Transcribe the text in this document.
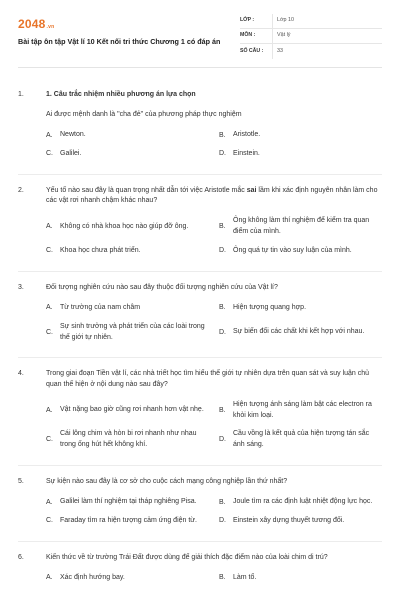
2048.vn
Bài tập ôn tập Vật lí 10 Kết nối tri thức Chương 1 có đáp án
LỚP :	Lớp 10
MÔN :	Vật lý
SỐ CÂU :	33
1.	1. Câu trắc nhiệm nhiều phương án lựa chọn
Ai được mệnh danh là "cha đẻ" của phương pháp thực nghiệm
A.	Newton.	B.	Aristotle.
C.	Galilei.	D.	Einstein.
2.	Yếu tố nào sau đây là quan trọng nhất dẫn tới việc Aristotle mắc sai lầm khi xác định nguyên nhân làm cho các vật rơi nhanh chậm khác nhau?
A.	Không có nhà khoa học nào giúp đỡ ông.	B.
Ông không làm thí nghiệm để kiểm tra quan điểm của mình.
C.	Khoa học chưa phát triển.	D.	Ông quá tự tin vào suy luận của mình.
3.	Đối tượng nghiên cứu nào sau đây thuộc đối tượng nghiên cứu của Vật lí?
A.	Từ trường của nam châm	B.	Hiện tượng quang hợp.
C.
Sự sinh trưởng và phát triển của các loài trong thế giới tự nhiên.
D.	Sự biến đổi các chất khi kết hợp với nhau.
4.	Trong giai đoạn Tiền vật lí, các nhà triết học tìm hiểu thế giới tự nhiên dựa trên quan sát và suy luận chủ quan thế hiện ở nội dung nào sau đây?
A.	Vật nặng bao giờ cũng rơi nhanh hơn vật nhẹ. B.
Hiện tượng ánh sáng làm bật các electron ra khỏi kim loại.
C.
Cái lông chim và hòn bi rơi nhanh như nhau trong ống hút hết không khí.
D.
Cầu vồng là kết quả của hiện tượng tán sắc ánh sáng.
5.	Sự kiện nào sau đây là cơ sở cho cuộc cách mạng công nghiệp lần thứ nhất?
A.	Galilei làm thí nghiệm tại tháp nghiêng Pisa.	B.	Joule tìm ra các định luật nhiệt động lực học.
C.	Faraday tìm ra hiện tượng cảm ứng điện từ.	D.	Einstein xây dựng thuyết tương đối.
6.	Kiến thức về từ trường Trái Đất được dùng để giải thích đặc điểm nào của loài chim di trú?
A.	Xác định hướng bay.	B.	Làm tổ.
